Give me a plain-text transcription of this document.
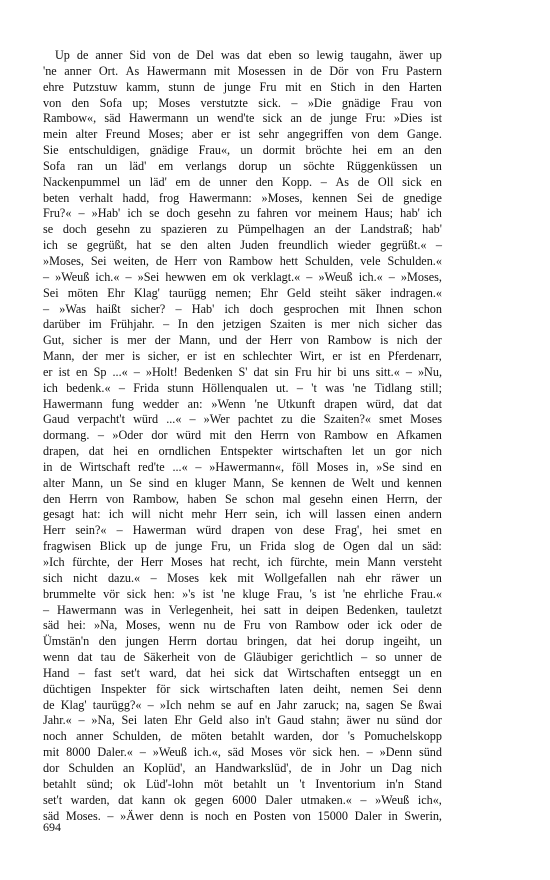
Up de anner Sid von de Del was dat eben so lewig taugahn, äwer up
'ne anner Ort. As Hawermann mit Mosessen in de Dör von Fru Pastern
ehre Putzstuw kamm, stunn de junge Fru mit en Stich in den Harten
von den Sofa up; Moses verstutzte sick. – »Die gnädige Frau von
Rambow«, säd Hawermann un wend'te sick an de junge Fru: »Dies ist
mein alter Freund Moses; aber er ist sehr angegriffen von dem Gange.
Sie entschuldigen, gnädige Frau«, un dormit bröchte hei em an den
Sofa ran un läd' em verlangs dorup un söchte Rüggenküssen un
Nackenpummel un läd' em de unner den Kopp. – As de Oll sick en
beten verhalt hadd, frog Hawermann: »Moses, kennen Sei de gnedige
Fru?« – »Hab' ich se doch gesehn zu fahren vor meinem Haus; hab' ich
se doch gesehn zu spazieren zu Pümpelhagen an der Landstraß; hab'
ich se gegrüßt, hat se den alten Juden freundlich wieder gegrüßt.« –
»Moses, Sei weiten, de Herr von Rambow hett Schulden, vele Schulden.«
– »Weuß ich.« – »Sei hewwen em ok verklagt.« – »Weuß ich.« – »Moses,
Sei möten Ehr Klag' taurügg nemen; Ehr Geld steiht säker indragen.«
– »Was haißt sicher? – Hab' ich doch gesprochen mit Ihnen schon
darüber im Frühjahr. – In den jetzigen Szaiten is mer nich sicher das
Gut, sicher is mer der Mann, und der Herr von Rambow is nich der
Mann, der mer is sicher, er ist en schlechter Wirt, er ist en Pferdenarr,
er ist en Sp ...« – »Holt! Bedenken S' dat sin Fru hir bi uns sitt.« – »Nu,
ich bedenk.« – Frida stunn Höllenqualen ut. – 't was 'ne Tidlang still;
Hawermann fung wedder an: »Wenn 'ne Utkunft drapen würd, dat dat
Gaud verpacht't würd ...« – »Wer pachtet zu die Szaiten?« smet Moses
dormang. – »Oder dor würd mit den Herrn von Rambow en Afkamen
drapen, dat hei en orndlichen Entspekter wirtschaften let un gor nich
in de Wirtschaft red'te ...« – »Hawermann«, föll Moses in, »Se sind en
alter Mann, un Se sind en kluger Mann, Se kennen de Welt und kennen
den Herrn von Rambow, haben Se schon mal gesehn einen Herrn, der
gesagt hat: ich will nicht mehr Herr sein, ich will lassen einen andern
Herr sein?« – Hawerman würd drapen von dese Frag', hei smet en
fragwisen Blick up de junge Fru, un Frida slog de Ogen dal un säd:
»Ich fürchte, der Herr Moses hat recht, ich fürchte, mein Mann versteht
sich nicht dazu.« – Moses kek mit Wollgefallen nah ehr räwer un
brummelte vör sick hen: »'s ist 'ne kluge Frau, 's ist 'ne ehrliche Frau.«
– Hawermann was in Verlegenheit, hei satt in deipen Bedenken, tauletzt
säd hei: »Na, Moses, wenn nu de Fru von Rambow oder ick oder de
Ümstän'n den jungen Herrn dortau bringen, dat hei dorup ingeiht, un
wenn dat tau de Säkerheit von de Gläubiger gerichtlich – so unner de
Hand – fast set't ward, dat hei sick dat Wirtschaften entseggt un en
düchtigen Inspekter för sick wirtschaften laten deiht, nemen Sei denn
de Klag' taurügg?« – »Ich nehm se auf en Jahr zaruck; na, sagen Se ßwai
Jahr.« – »Na, Sei laten Ehr Geld also in't Gaud stahn; äwer nu sünd dor
noch anner Schulden, de möten betahlt warden, dor 's Pomuchelskopp
mit 8000 Daler.« – »Weuß ich.«, säd Moses vör sick hen. – »Denn sünd
dor Schulden an Koplüd', an Handwarkslüd', de in Johr un Dag nich
betahlt sünd; ok Lüd'-lohn möt betahlt un 't Inventorium in'n Stand
set't warden, dat kann ok gegen 6000 Daler utmaken.« – »Weuß ich«,
säd Moses. – »Äwer denn is noch en Posten von 15000 Daler in Swerin,
694
